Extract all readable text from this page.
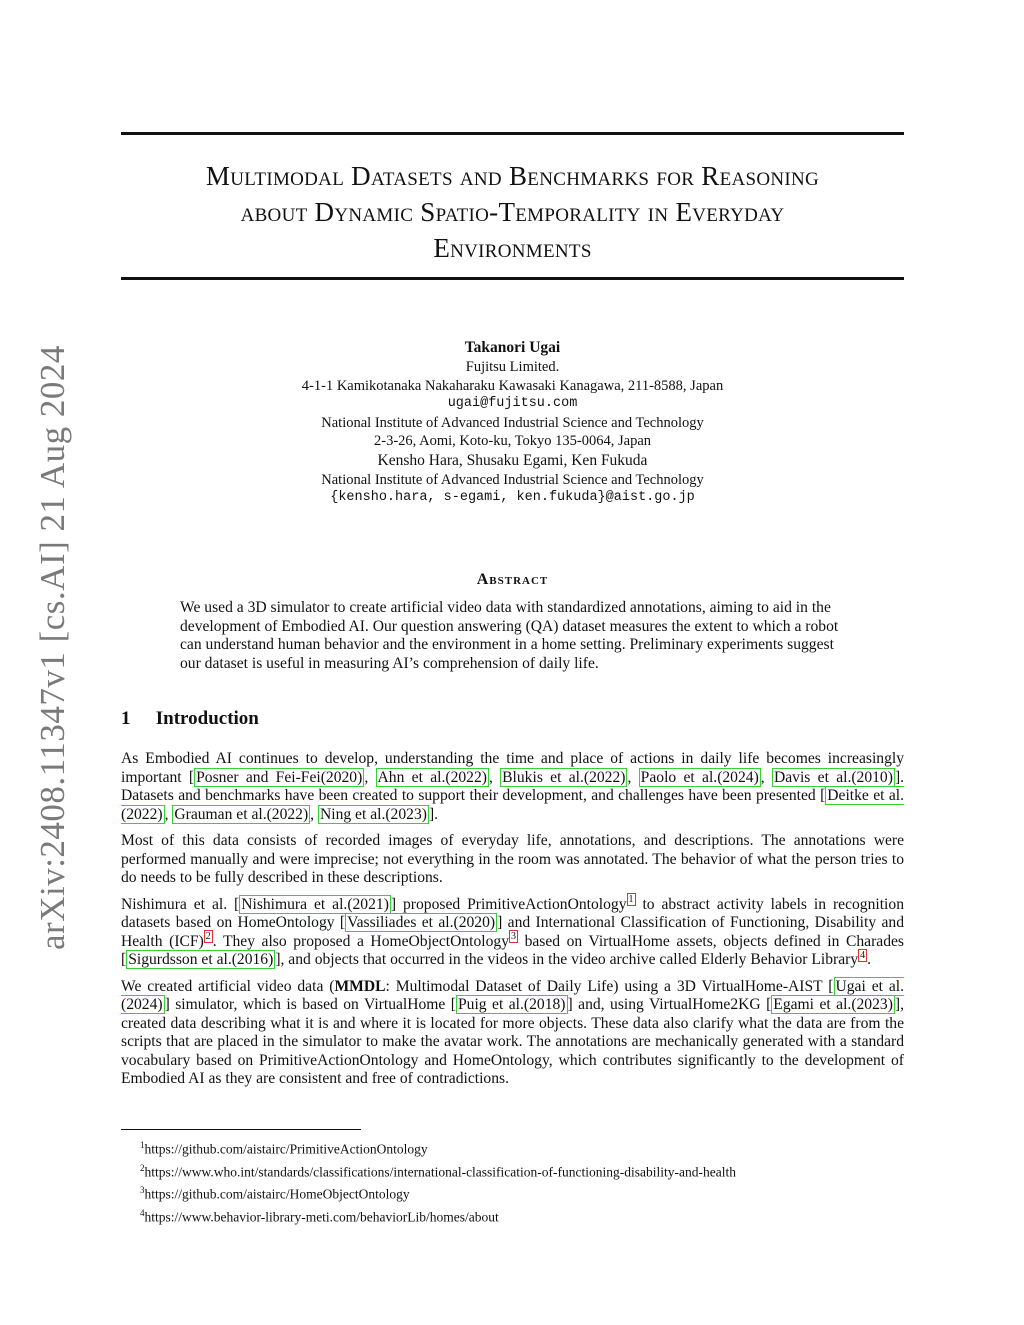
Multimodal Datasets and Benchmarks for Reasoning
about Dynamic Spatio-Temporality in Everyday
Environments
arXiv:2408.11347v1 [cs.AI] 21 Aug 2024	Takanori Ugai
Fujitsu Limited.
4-1-1 Kamikotanaka Nakaharaku Kawasaki Kanagawa, 211-8588, Japan
ugai@fujitsu.com
National Institute of Advanced Industrial Science and Technology
2-3-26, Aomi, Koto-ku, Tokyo 135-0064, Japan
Kensho Hara, Shusaku Egami, Ken Fukuda
National Institute of Advanced Industrial Science and Technology
{kensho.hara, s-egami, ken.fukuda}@aist.go.jp
Abstract
We used a 3D simulator to create artificial video data with standardized annotations, aiming to aid in the development of Embodied AI. Our question answering (QA) dataset measures the extent to which a robot can understand human behavior and the environment in a home setting. Preliminary experiments suggest our dataset is useful in measuring AI’s comprehension of daily life.
1 Introduction

As Embodied AI continues to develop, understanding the time and place of actions in daily life becomes increasingly important [ Posner and Fei-Fei(2020) , Ahn et al.(2022) , Blukis et al.(2022) , Paolo et al.(2024) , Davis et al.(2010) ]. Datasets and benchmarks have been created to support their development, and challenges have been presented [ Deitke et al.(2022) , Grauman et al.(2022) , Ning et al.(2023) ].

Most of this data consists of recorded images of everyday life, annotations, and descriptions. The annotations were performed manually and were imprecise; not everything in the room was annotated. The behavior of what the person tries to do needs to be fully described in these descriptions.

Nishimura et al. [ Nishimura et al.(2021) ] proposed PrimitiveActionOntology $^1$ to abstract activity labels in recognition datasets based on HomeOntology [ Vassiliades et al.(2020) ] and International Classification of Functioning, Disability and Health (ICF) $^2$ . They also proposed a HomeObjectOntology $^3$ based on VirtualHome assets, objects defined in Charades [ Sigurdsson et al.(2016) ], and objects that occurred in the videos in the video archive called Elderly Behavior Library $^4$ .

We created artificial video data (MMDL: Multimodal Dataset of Daily Life) using a 3D VirtualHome-AIST [ Ugai et al.(2024) ] simulator, which is based on VirtualHome [ Puig et al.(2018) ] and, using VirtualHome2KG [ Egami et al.(2023) ], created data describing what it is and where it is located for more objects. These data also clarify what the data are from the scripts that are placed in the simulator to make the avatar work. The annotations are mechanically generated with a standard vocabulary based on PrimitiveActionOntology and HomeOntology, which contributes significantly to the development of Embodied AI as they are consistent and free of contradictions.

$^1$https://github.com/aistairc/PrimitiveActionOntology
$^2$https://www.who.int/standards/classifications/international-classification-of-functioning-disability-and-health
$^3$https://github.com/aistairc/HomeObjectOntology
$^4$https://www.behavior-library-meti.com/behaviorLib/homes/about
